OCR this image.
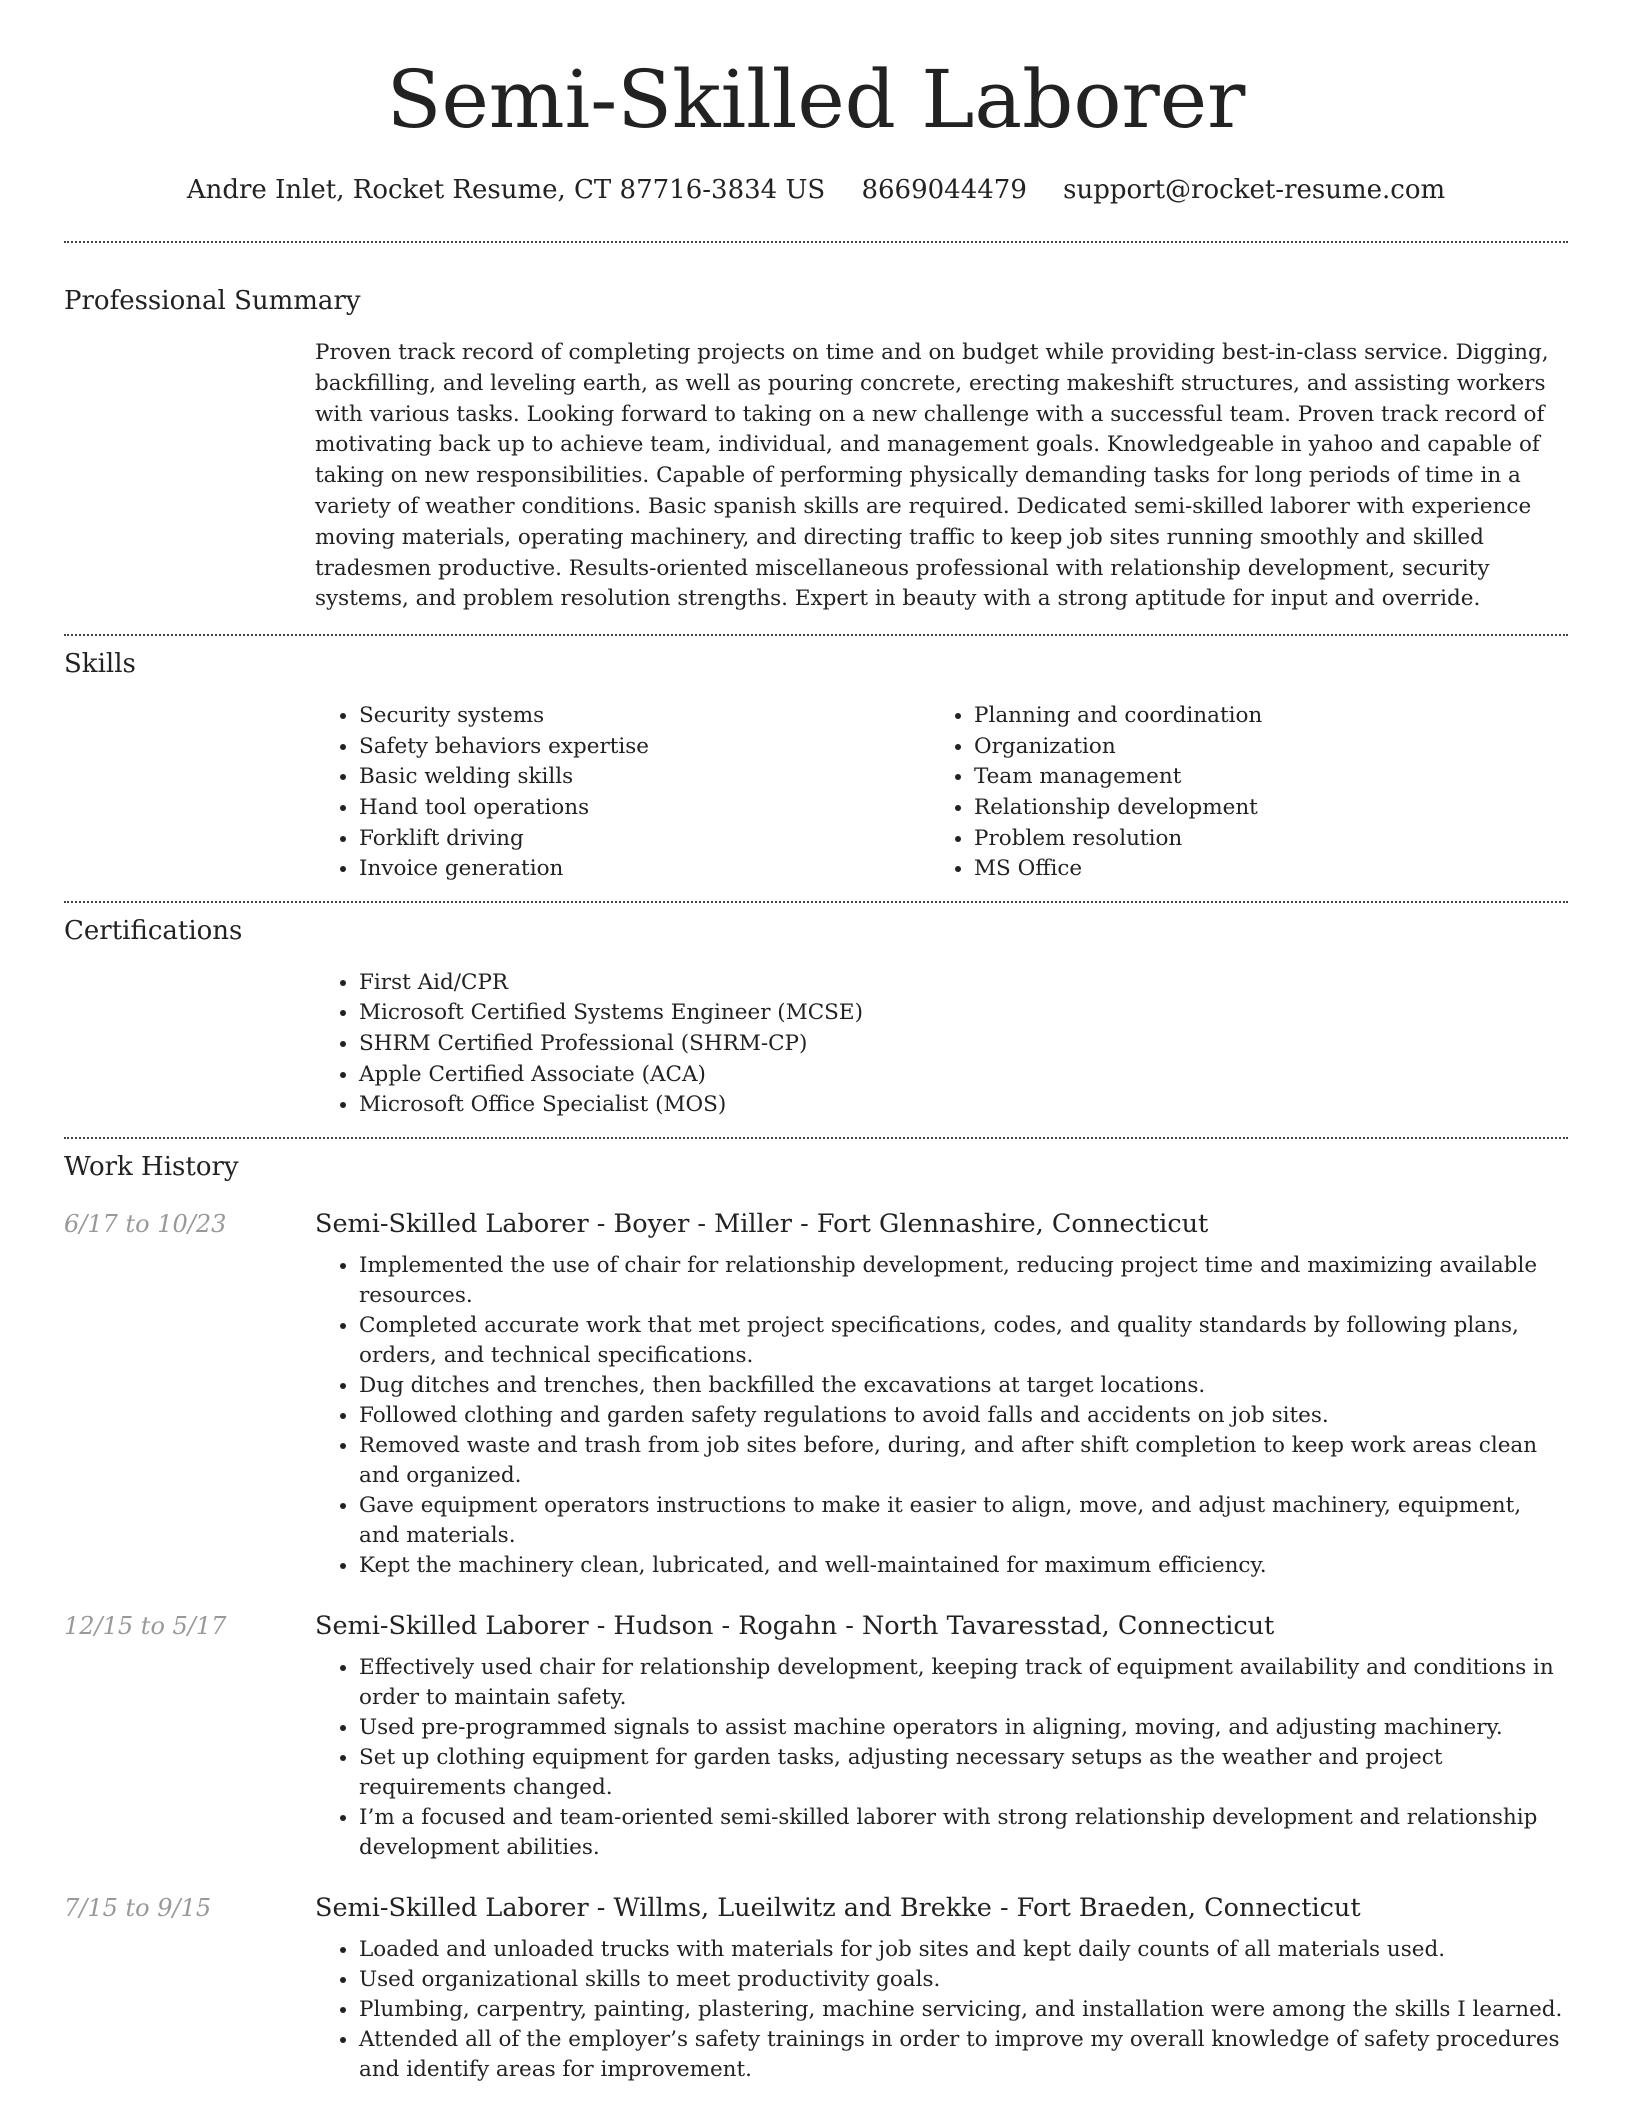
Semi-Skilled Laborer
Andre Inlet, Rocket Resume, CT 87716-3834 US 8669044479 support@rocket-resume.com
Professional Summary
Proven track record of completing projects on time and on budget while providing best-in-class service. Digging, backfilling, and leveling earth, as well as pouring concrete, erecting makeshift structures, and assisting workers with various tasks. Looking forward to taking on a new challenge with a successful team. Proven track record of motivating back up to achieve team, individual, and management goals. Knowledgeable in yahoo and capable of taking on new responsibilities. Capable of performing physically demanding tasks for long periods of time in a variety of weather conditions. Basic spanish skills are required. Dedicated semi-skilled laborer with experience moving materials, operating machinery, and directing traffic to keep job sites running smoothly and skilled tradesmen productive. Results-oriented miscellaneous professional with relationship development, security systems, and problem resolution strengths. Expert in beauty with a strong aptitude for input and override.
Skills
• Security systems
• Safety behaviors expertise
• Basic welding skills
• Hand tool operations
• Forklift driving
• Invoice generation
• Planning and coordination
• Organization
• Team management
• Relationship development
• Problem resolution
• MS Office
Certifications
• First Aid/CPR
• Microsoft Certified Systems Engineer (MCSE)
• SHRM Certified Professional (SHRM-CP)
• Apple Certified Associate (ACA)
• Microsoft Office Specialist (MOS)
Work History
6/17 to 10/23	Semi-Skilled Laborer - Boyer - Miller - Fort Glennashire, Connecticut
• Implemented the use of chair for relationship development, reducing project time and maximizing available resources.
• Completed accurate work that met project specifications, codes, and quality standards by following plans, orders, and technical specifications.
• Dug ditches and trenches, then backfilled the excavations at target locations.
• Followed clothing and garden safety regulations to avoid falls and accidents on job sites.
• Removed waste and trash from job sites before, during, and after shift completion to keep work areas clean and organized.
• Gave equipment operators instructions to make it easier to align, move, and adjust machinery, equipment, and materials.
• Kept the machinery clean, lubricated, and well-maintained for maximum efficiency.
12/15 to 5/17	Semi-Skilled Laborer - Hudson - Rogahn - North Tavaresstad, Connecticut
• Effectively used chair for relationship development, keeping track of equipment availability and conditions in order to maintain safety.
• Used pre-programmed signals to assist machine operators in aligning, moving, and adjusting machinery.
• Set up clothing equipment for garden tasks, adjusting necessary setups as the weather and project requirements changed.
• I’m a focused and team-oriented semi-skilled laborer with strong relationship development and relationship development abilities.
7/15 to 9/15	Semi-Skilled Laborer - Willms, Lueilwitz and Brekke - Fort Braeden, Connecticut
• Loaded and unloaded trucks with materials for job sites and kept daily counts of all materials used.
• Used organizational skills to meet productivity goals.
• Plumbing, carpentry, painting, plastering, machine servicing, and installation were among the skills I learned.
• Attended all of the employer’s safety trainings in order to improve my overall knowledge of safety procedures and identify areas for improvement.
